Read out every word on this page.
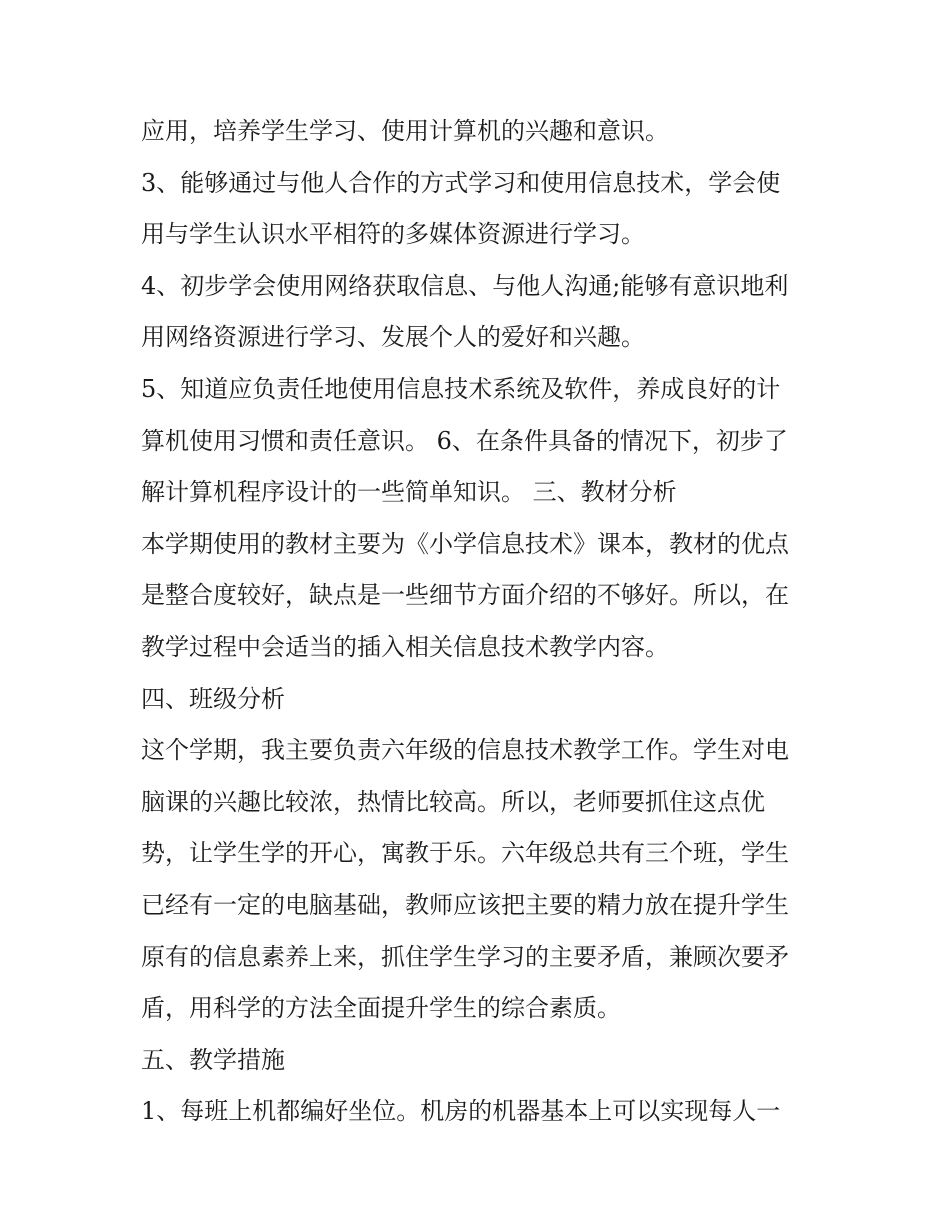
应用，培养学生学习、使用计算机的兴趣和意识。
3、能够通过与他人合作的方式学习和使用信息技术，学会使
用与学生认识水平相符的多媒体资源进行学习。
4、初步学会使用网络获取信息、与他人沟通;能够有意识地利
用网络资源进行学习、发展个人的爱好和兴趣。
5、知道应负责任地使用信息技术系统及软件，养成良好的计
算机使用习惯和责任意识。 6、在条件具备的情况下，初步了
解计算机程序设计的一些简单知识。 三、教材分析
本学期使用的教材主要为《小学信息技术》课本，教材的优点
是整合度较好，缺点是一些细节方面介绍的不够好。所以，在
教学过程中会适当的插入相关信息技术教学内容。
四、班级分析
这个学期，我主要负责六年级的信息技术教学工作。学生对电
脑课的兴趣比较浓，热情比较高。所以，老师要抓住这点优
势，让学生学的开心，寓教于乐。六年级总共有三个班，学生
已经有一定的电脑基础，教师应该把主要的精力放在提升学生
原有的信息素养上来，抓住学生学习的主要矛盾，兼顾次要矛
盾，用科学的方法全面提升学生的综合素质。
五、教学措施
1、每班上机都编好坐位。机房的机器基本上可以实现每人一
